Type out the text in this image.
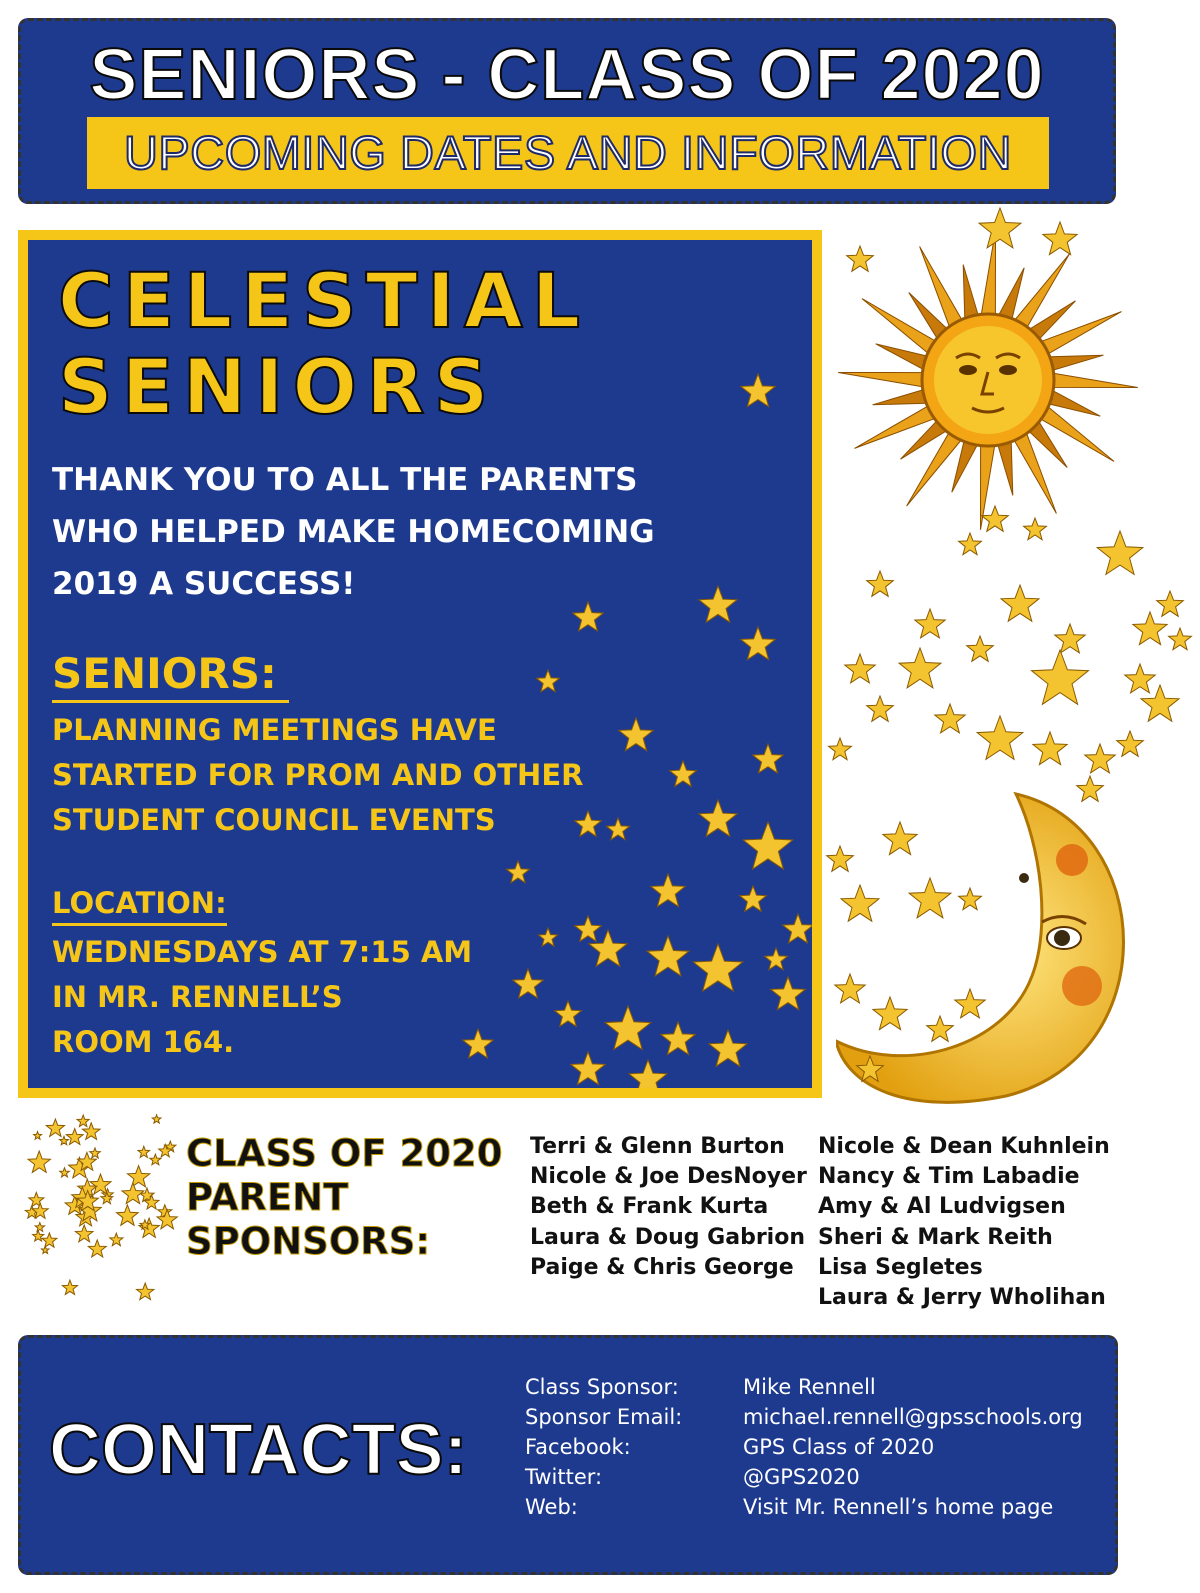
SENIORS - CLASS OF 2020
UPCOMING DATES AND INFORMATION
CELESTIAL
SENIORS
THANK YOU TO ALL THE PARENTS
WHO HELPED MAKE HOMECOMING
2019 A SUCCESS!
SENIORS:
PLANNING MEETINGS HAVE
STARTED FOR PROM AND OTHER
STUDENT COUNCIL EVENTS
LOCATION:
WEDNESDAYS AT 7:15 AM
IN MR. RENNELL’S
ROOM 164.
CLASS OF 2020
PARENT
SPONSORS:
Terri & Glenn Burton
Nicole & Joe DesNoyer
Beth & Frank Kurta
Laura & Doug Gabrion
Paige & Chris George
Nicole & Dean Kuhnlein
Nancy & Tim Labadie
Amy & Al Ludvigsen
Sheri & Mark Reith
Lisa Segletes
Laura & Jerry Wholihan
CONTACTS:
Class Sponsor:
Sponsor Email:
Facebook:
Twitter:
Web:
Mike Rennell
michael.rennell@gpsschools.org
GPS Class of 2020
@GPS2020
Visit Mr. Rennell’s home page
